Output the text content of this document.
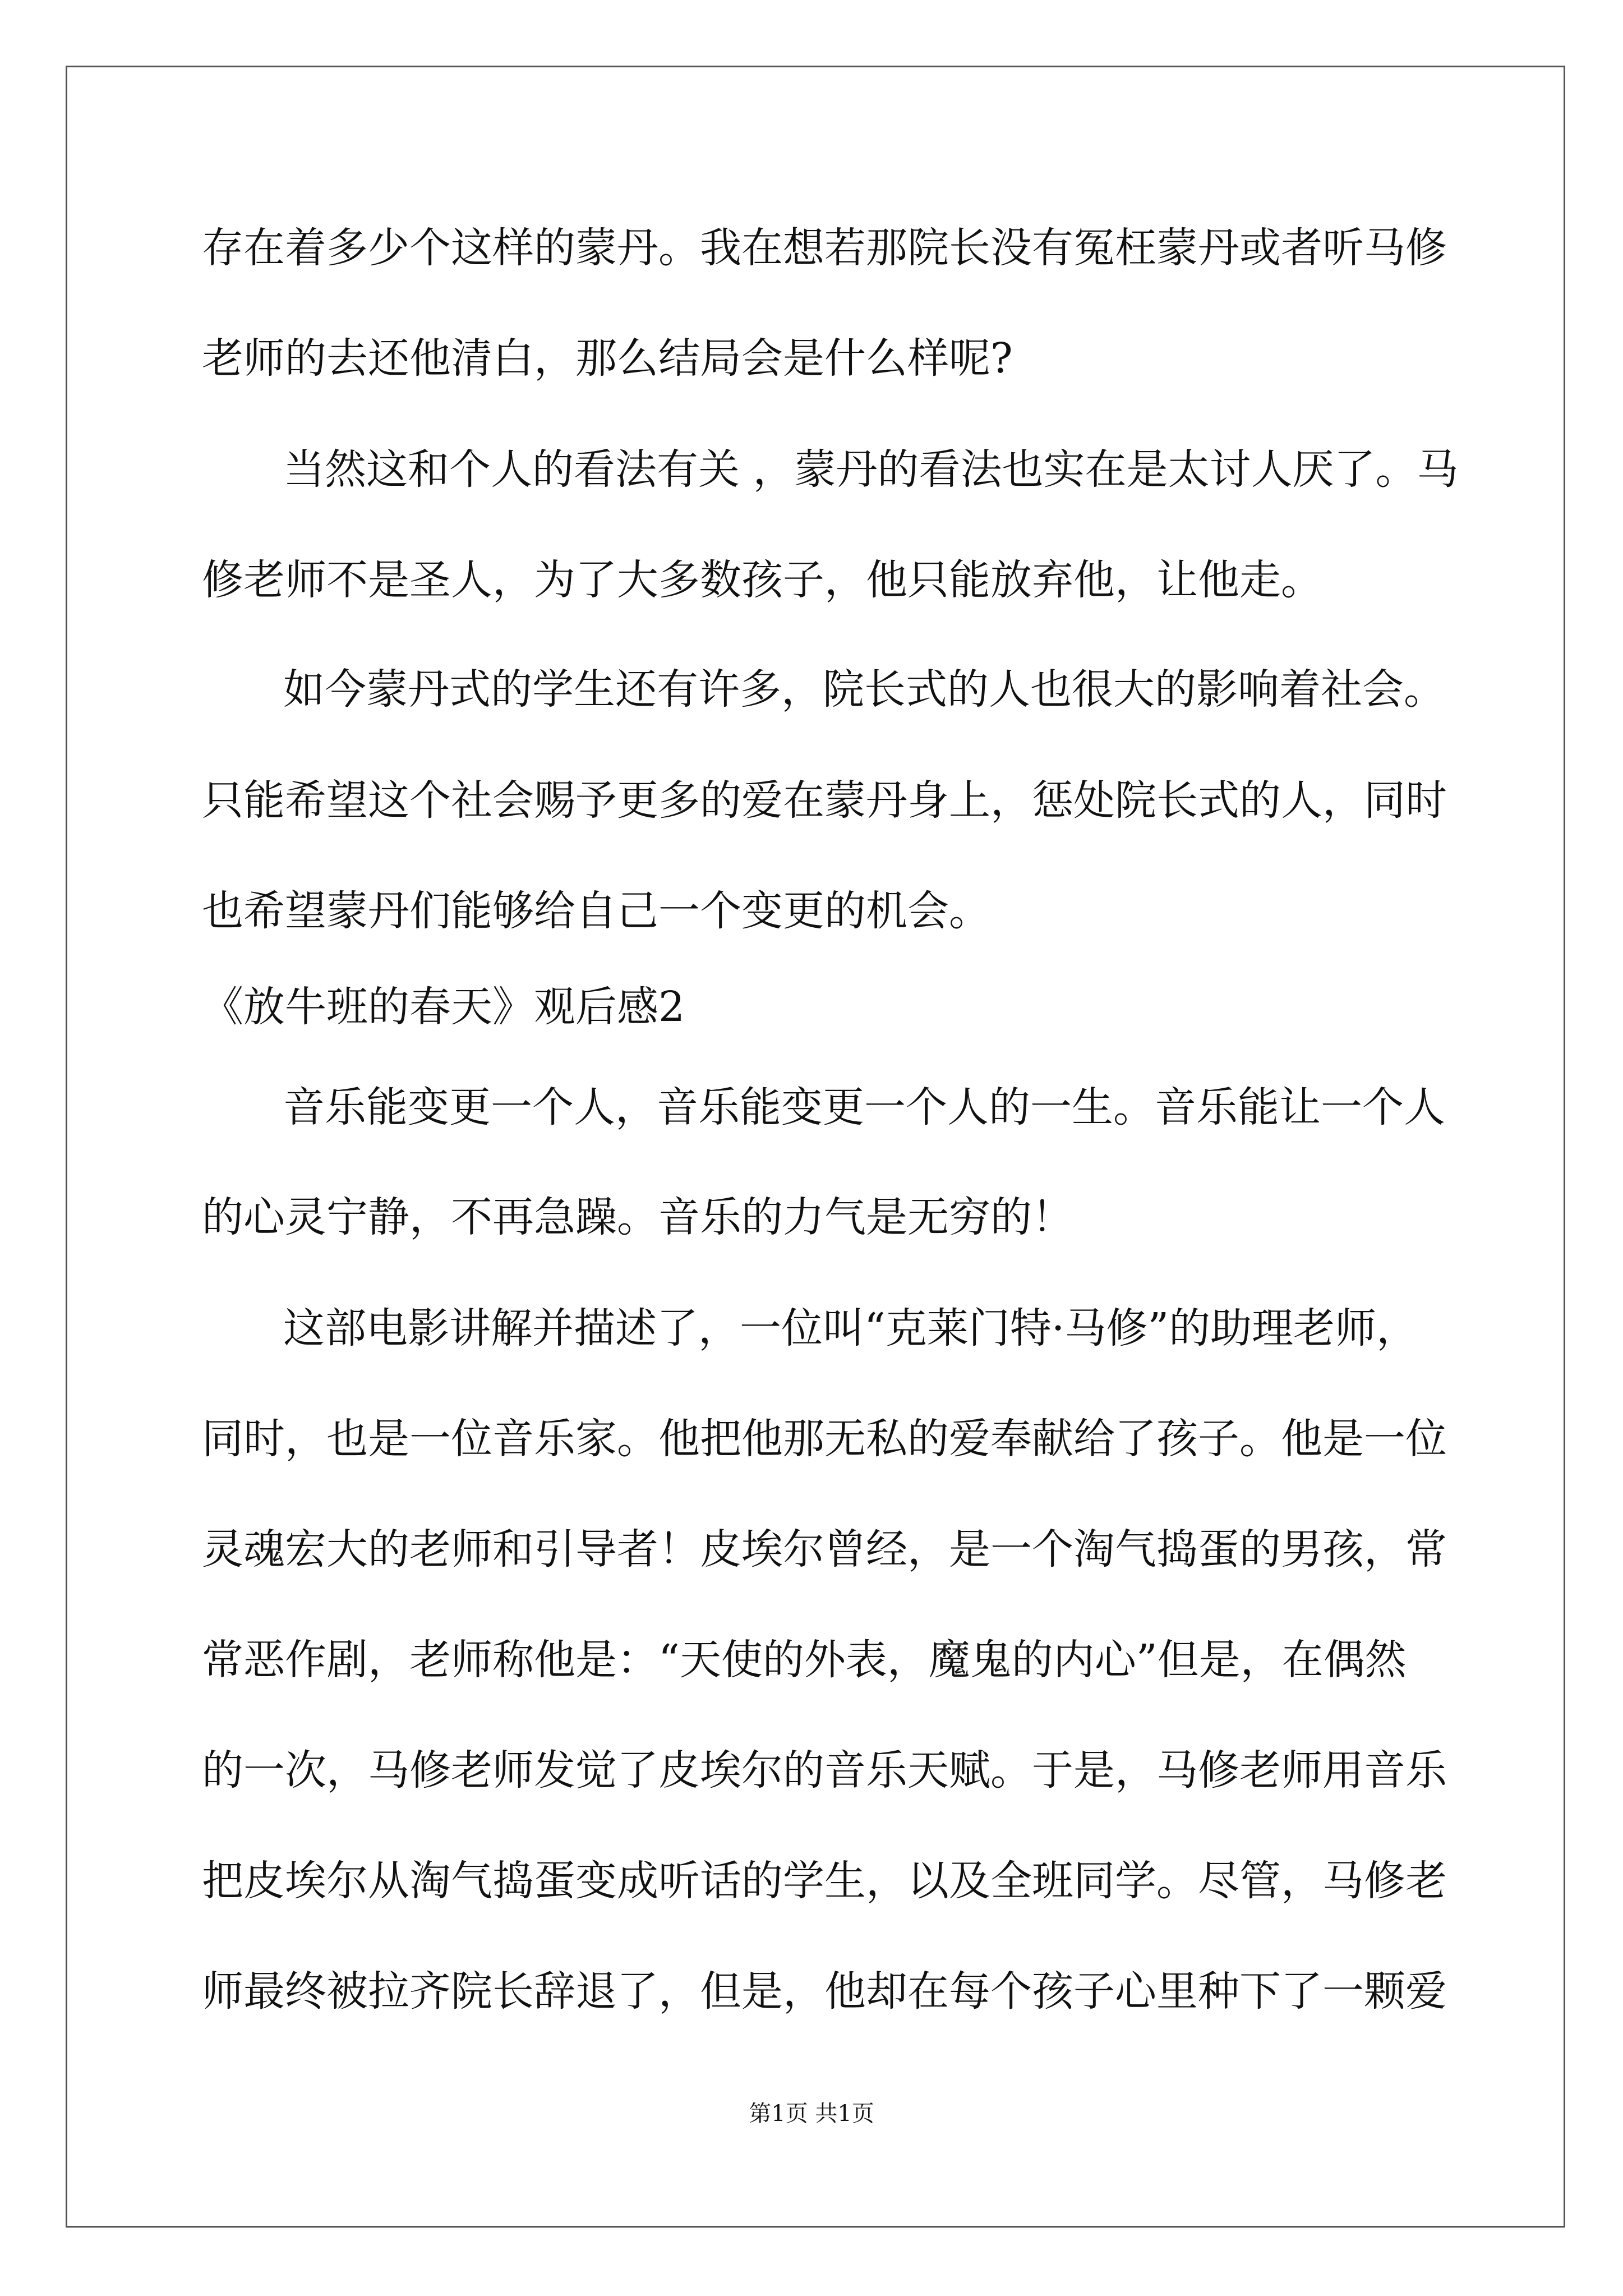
存在着多少个这样的蒙丹。我在想若那院长没有冤枉蒙丹或者听马修

老师的去还他清白，那么结局会是什么样呢?

当然这和个人的看法有关 ，蒙丹的看法也实在是太讨人厌了。马

修老师不是圣人，为了大多数孩子，他只能放弃他，让他走。

如今蒙丹式的学生还有许多，院长式的人也很大的影响着社会。

只能希望这个社会赐予更多的爱在蒙丹身上，惩处院长式的人，同时

也希望蒙丹们能够给自己一个变更的机会。

《放牛班的春天》观后感2

音乐能变更一个人，音乐能变更一个人的一生。音乐能让一个人

的心灵宁静，不再急躁。音乐的力气是无穷的！

这部电影讲解并描述了，一位叫“克莱门特·马修”的助理老师，

同时，也是一位音乐家。他把他那无私的爱奉献给了孩子。他是一位

灵魂宏大的老师和引导者！皮埃尔曾经，是一个淘气捣蛋的男孩，常

常恶作剧，老师称他是：“天使的外表，魔鬼的内心”但是，在偶然

的一次，马修老师发觉了皮埃尔的音乐天赋。于是，马修老师用音乐

把皮埃尔从淘气捣蛋变成听话的学生，以及全班同学。尽管，马修老

师最终被拉齐院长辞退了，但是，他却在每个孩子心里种下了一颗爱

第1页 共1页
